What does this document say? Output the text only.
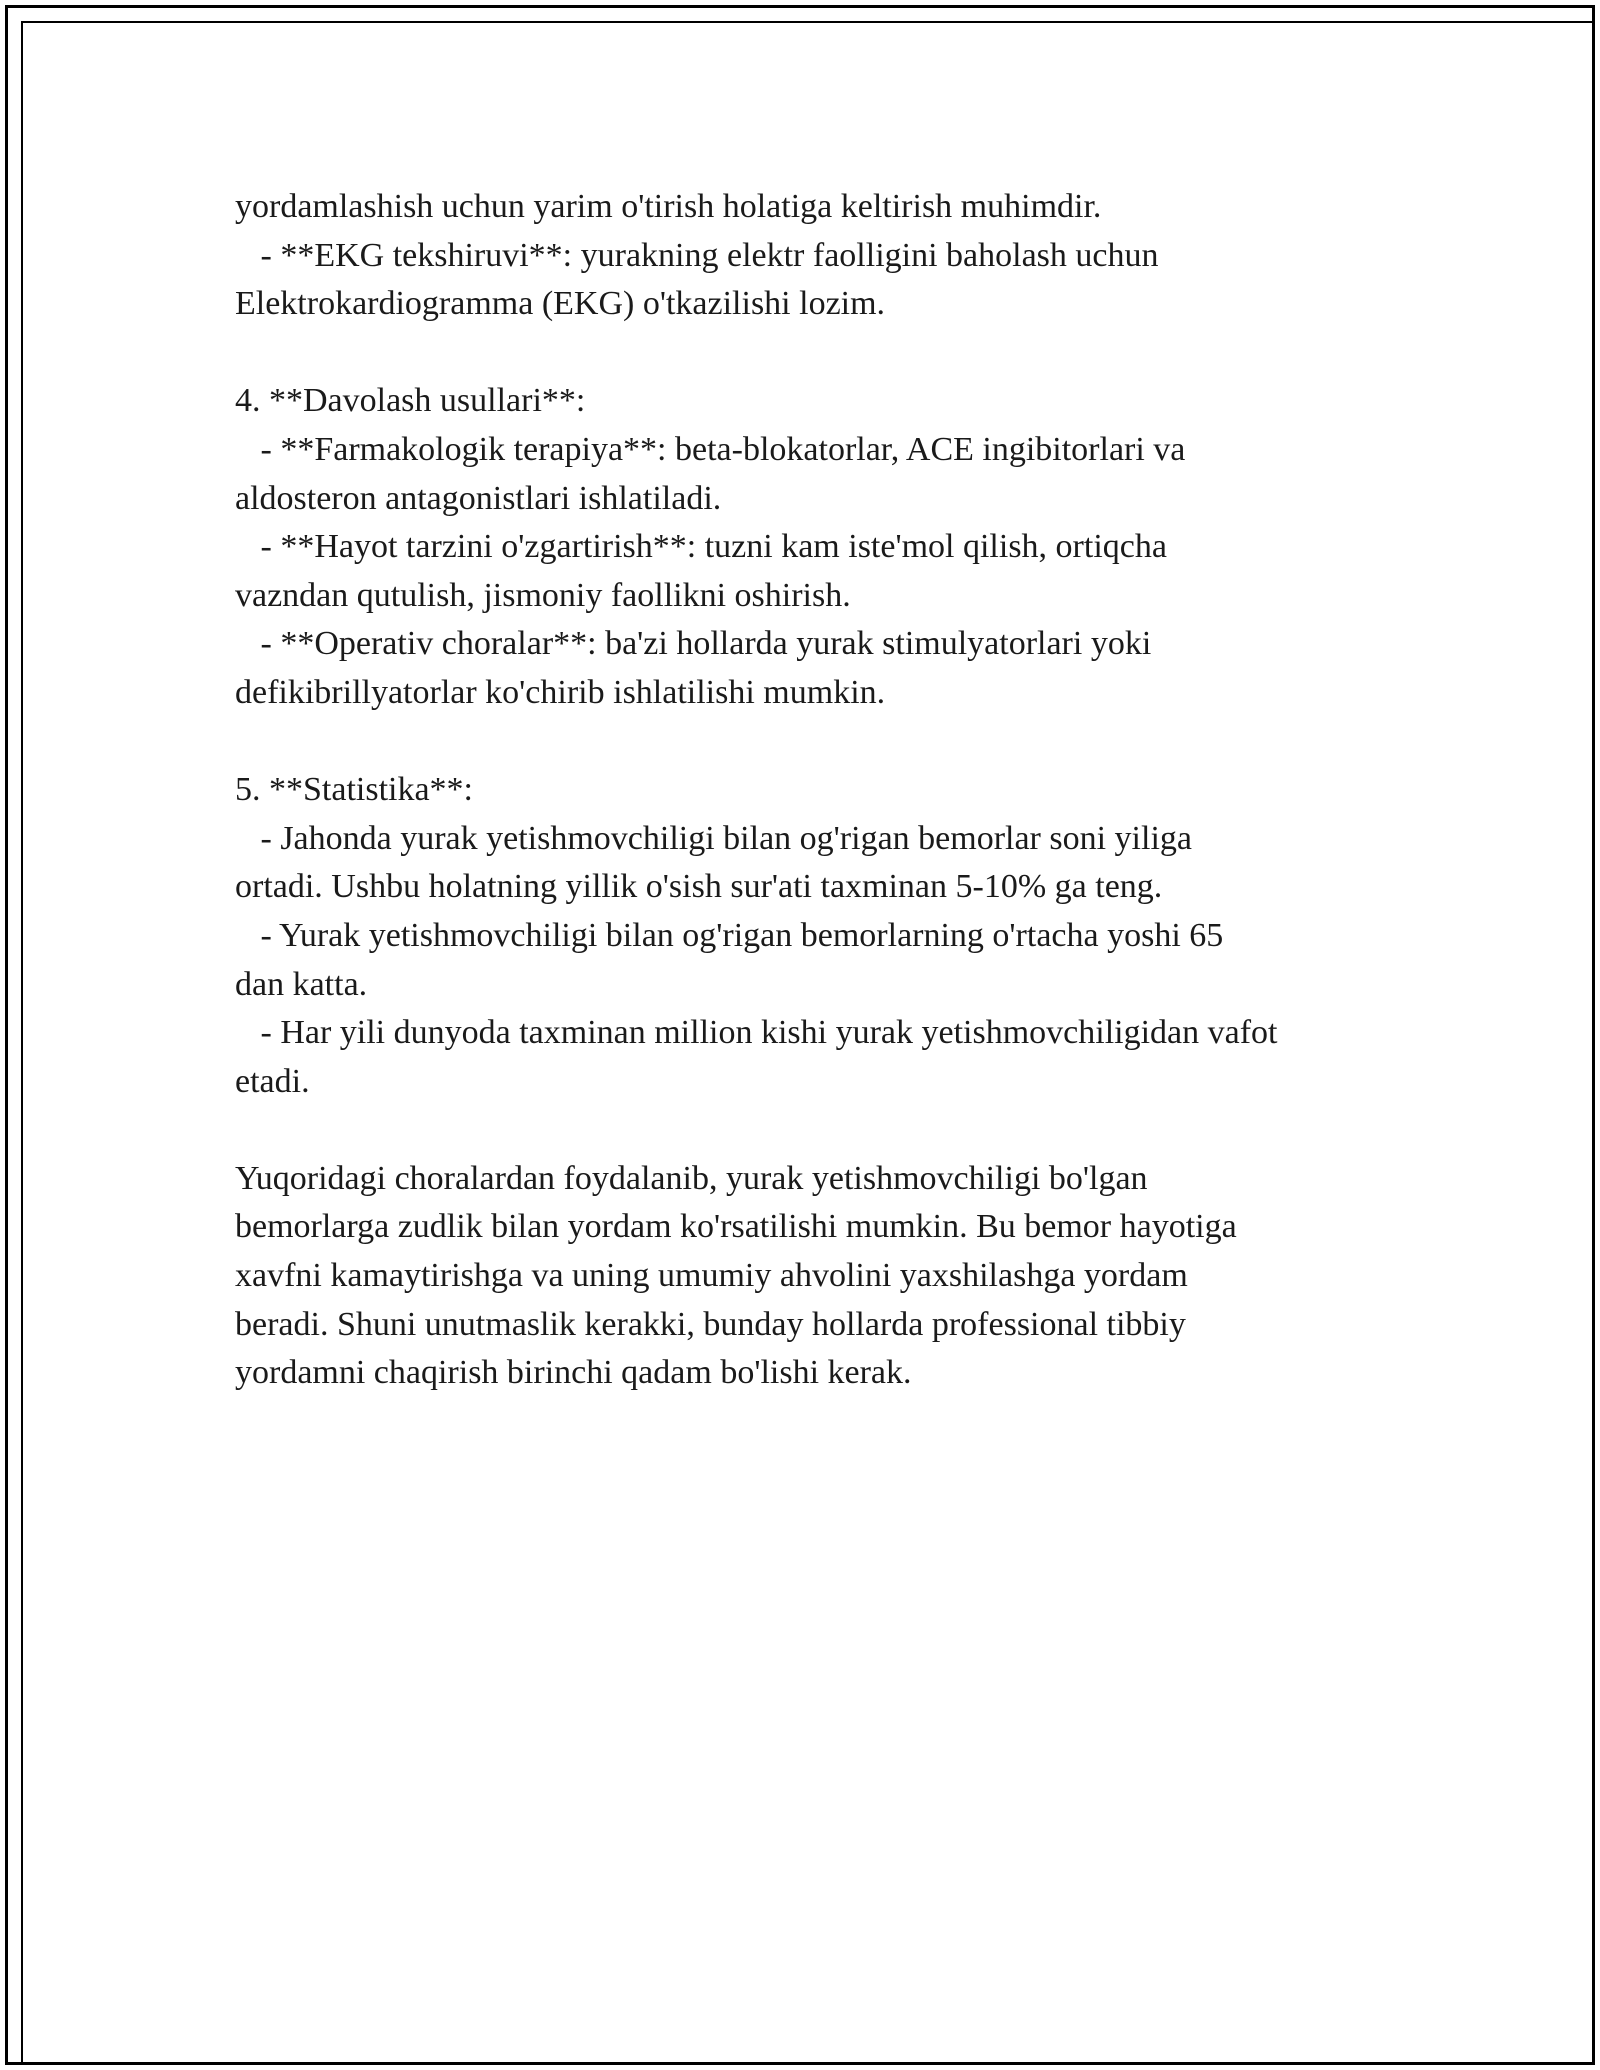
yordamlashish uchun yarim o'tirish holatiga keltirish muhimdir.
- **EKG tekshiruvi**: yurakning elektr faolligini baholash uchun
Elektrokardiogramma (EKG) o'tkazilishi lozim.
4. **Davolash usullari**:
- **Farmakologik terapiya**: beta-blokatorlar, ACE ingibitorlari va
aldosteron antagonistlari ishlatiladi.
- **Hayot tarzini o'zgartirish**: tuzni kam iste'mol qilish, ortiqcha
vazndan qutulish, jismoniy faollikni oshirish.
- **Operativ choralar**: ba'zi hollarda yurak stimulyatorlari yoki
defikibrillyatorlar ko'chirib ishlatilishi mumkin.
5. **Statistika**:
- Jahonda yurak yetishmovchiligi bilan og'rigan bemorlar soni yiliga
ortadi. Ushbu holatning yillik o'sish sur'ati taxminan 5-10% ga teng.
- Yurak yetishmovchiligi bilan og'rigan bemorlarning o'rtacha yoshi 65
dan katta.
- Har yili dunyoda taxminan million kishi yurak yetishmovchiligidan vafot
etadi.
Yuqoridagi choralardan foydalanib, yurak yetishmovchiligi bo'lgan
bemorlarga zudlik bilan yordam ko'rsatilishi mumkin. Bu bemor hayotiga
xavfni kamaytirishga va uning umumiy ahvolini yaxshilashga yordam
beradi. Shuni unutmaslik kerakki, bunday hollarda professional tibbiy
yordamni chaqirish birinchi qadam bo'lishi kerak.
